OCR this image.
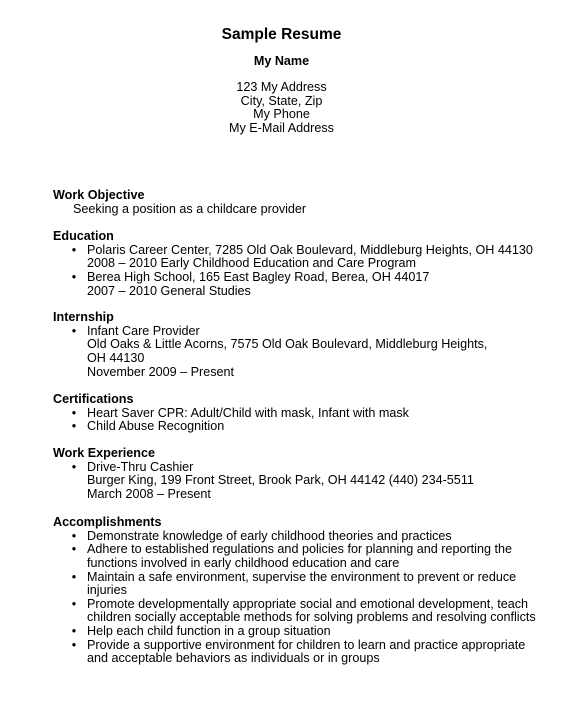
Sample Resume
My Name
123 My Address
City, State, Zip
My Phone
My E-Mail Address
Work Objective
Seeking a position as a childcare provider
Education
• Polaris Career Center, 7285 Old Oak Boulevard, Middleburg Heights, OH 44130
2008 – 2010 Early Childhood Education and Care Program
• Berea High School, 165 East Bagley Road, Berea, OH 44017
2007 – 2010 General Studies
Internship
• Infant Care Provider
Old Oaks & Little Acorns, 7575 Old Oak Boulevard, Middleburg Heights,
OH 44130
November 2009 – Present
Certifications
• Heart Saver CPR: Adult/Child with mask, Infant with mask
• Child Abuse Recognition
Work Experience
• Drive-Thru Cashier
Burger King, 199 Front Street, Brook Park, OH 44142 (440) 234-5511
March 2008 – Present
Accomplishments
• Demonstrate knowledge of early childhood theories and practices
• Adhere to established regulations and policies for planning and reporting the
functions involved in early childhood education and care
• Maintain a safe environment, supervise the environment to prevent or reduce
injuries
• Promote developmentally appropriate social and emotional development, teach
children socially acceptable methods for solving problems and resolving conflicts
• Help each child function in a group situation
• Provide a supportive environment for children to learn and practice appropriate
and acceptable behaviors as individuals or in groups
